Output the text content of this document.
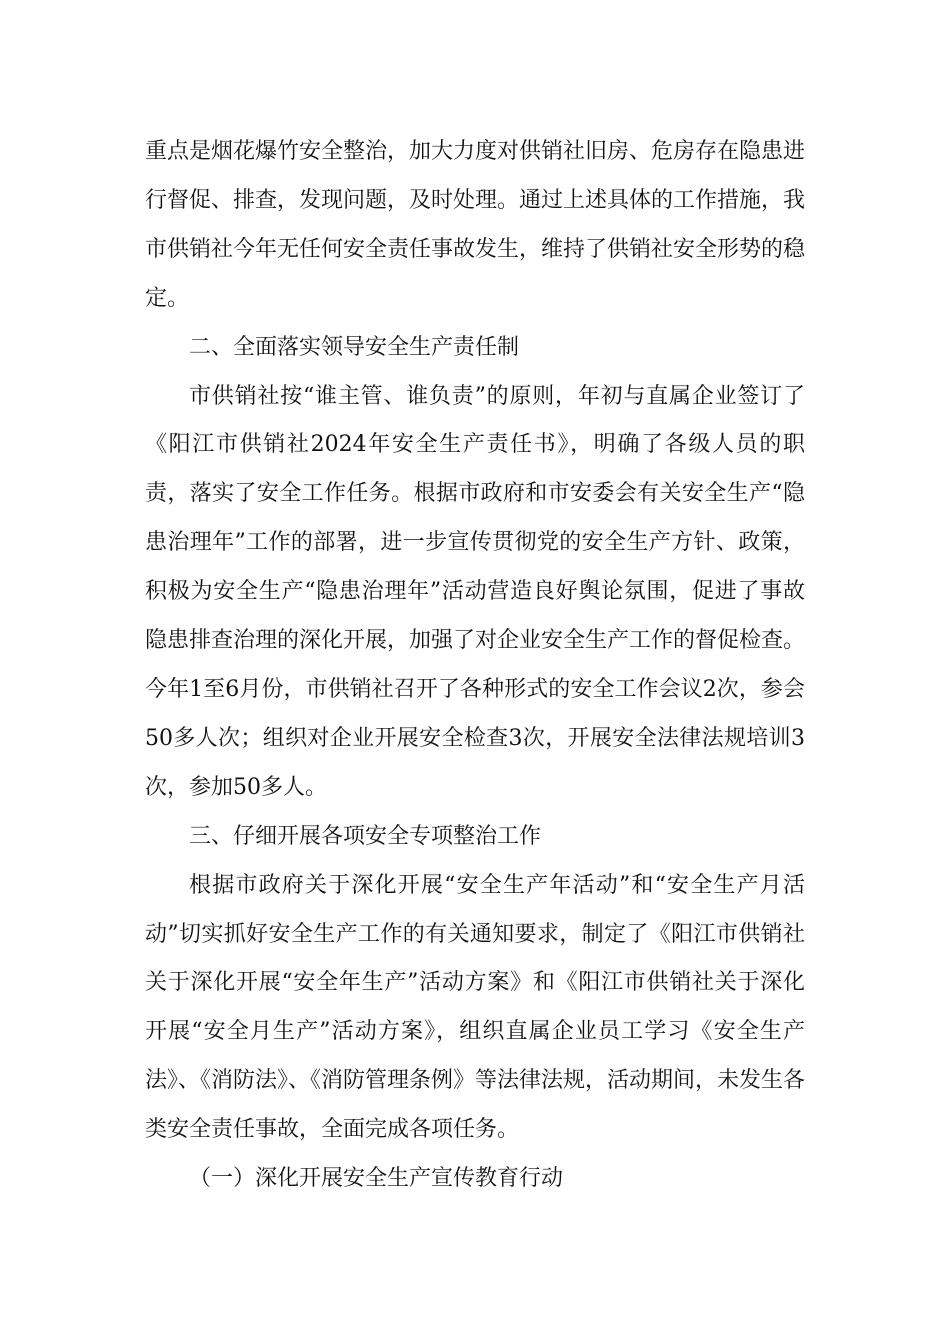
重点是烟花爆竹安全整治，加大力度对供销社旧房、危房存在隐患进行督促、排查，发现问题，及时处理。通过上述具体的工作措施，我市供销社今年无任何安全责任事故发生，维持了供销社安全形势的稳定。

二、全面落实领导安全生产责任制

市供销社按“谁主管、谁负责”的原则，年初与直属企业签订了《阳江市供销社2024年安全生产责任书》，明确了各级人员的职责，落实了安全工作任务。根据市政府和市安委会有关安全生产“隐患治理年”工作的部署，进一步宣传贯彻党的安全生产方针、政策，积极为安全生产“隐患治理年”活动营造良好舆论氛围，促进了事故隐患排查治理的深化开展，加强了对企业安全生产工作的督促检查。今年1至6月份，市供销社召开了各种形式的安全工作会议2次，参会50多人次；组织对企业开展安全检查3次，开展安全法律法规培训3次，参加50多人。

三、仔细开展各项安全专项整治工作

根据市政府关于深化开展“安全生产年活动”和“安全生产月活动”切实抓好安全生产工作的有关通知要求，制定了《阳江市供销社关于深化开展“安全年生产”活动方案》和《阳江市供销社关于深化开展“安全月生产”活动方案》，组织直属企业员工学习《安全生产法》、《消防法》、《消防管理条例》等法律法规，活动期间，未发生各类安全责任事故，全面完成各项任务。

（一）深化开展安全生产宣传教育行动
